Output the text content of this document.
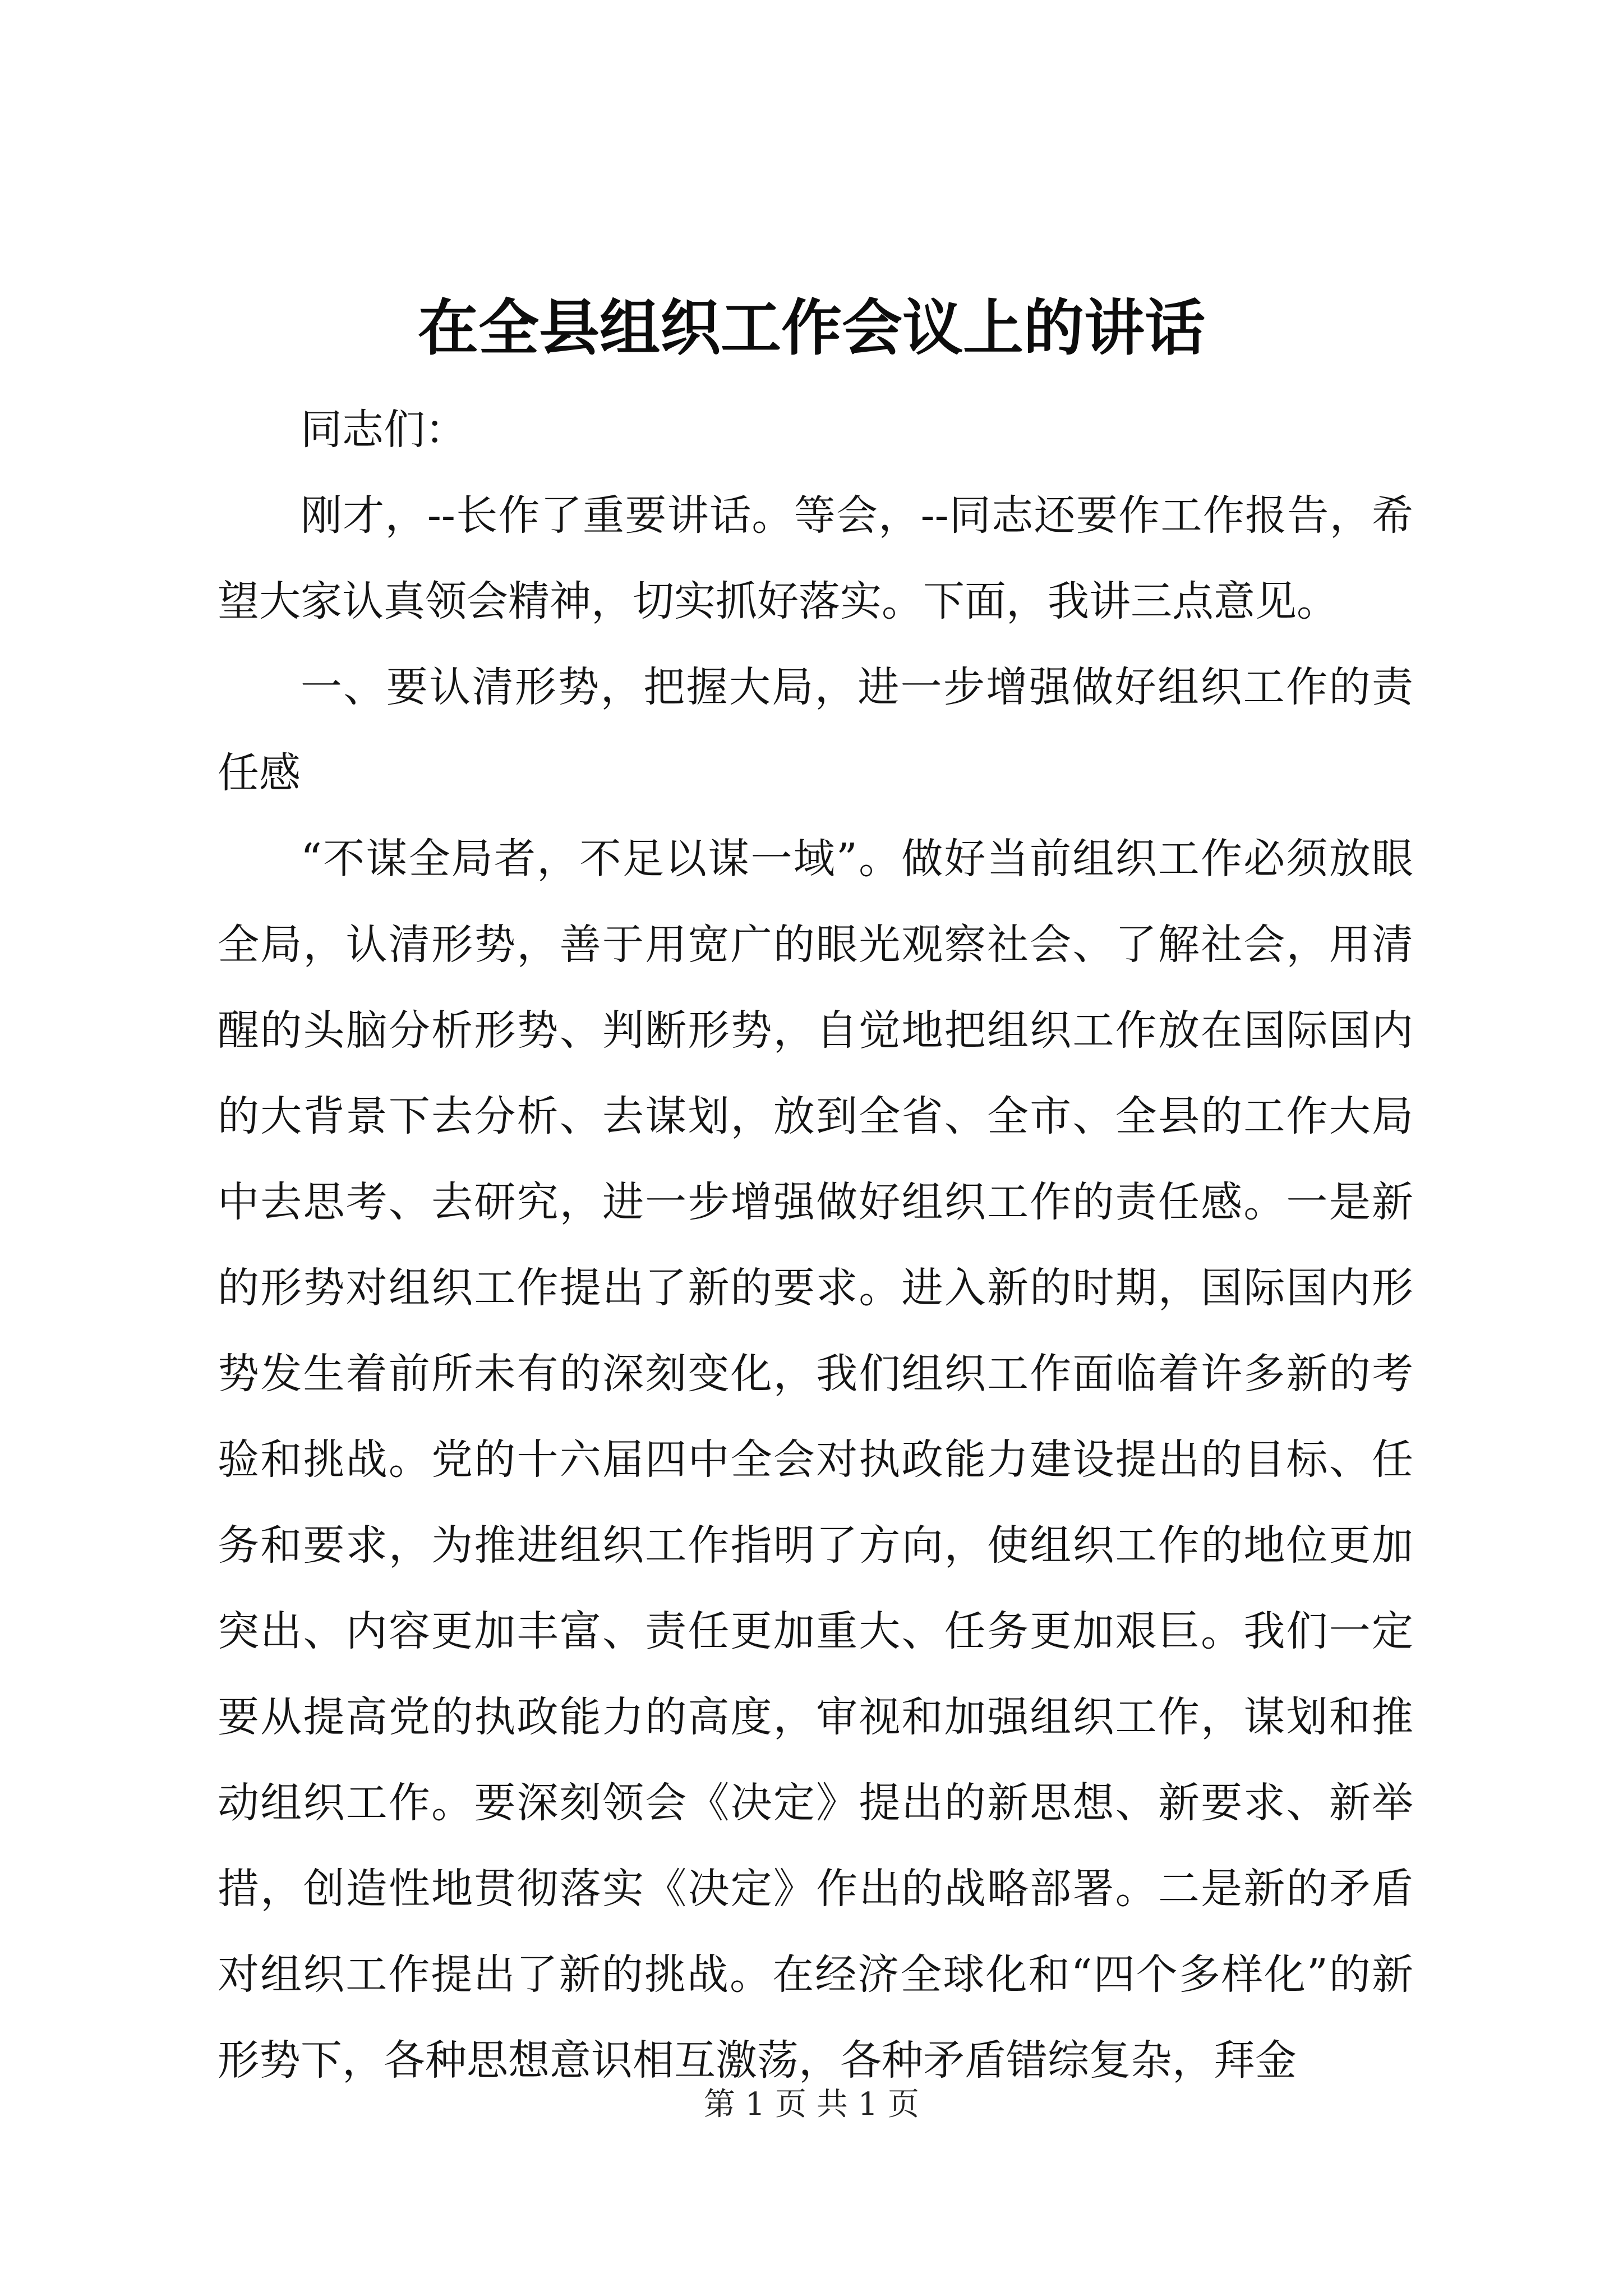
在全县组织工作会议上的讲话

同志们：

刚才，--长作了重要讲话。等会，--同志还要作工作报告，希望大家认真领会精神，切实抓好落实。下面，我讲三点意见。

一、要认清形势，把握大局，进一步增强做好组织工作的责任感

“不谋全局者，不足以谋一域”。做好当前组织工作必须放眼全局，认清形势，善于用宽广的眼光观察社会、了解社会，用清醒的头脑分析形势、判断形势，自觉地把组织工作放在国际国内的大背景下去分析、去谋划，放到全省、全市、全县的工作大局中去思考、去研究，进一步增强做好组织工作的责任感。一是新的形势对组织工作提出了新的要求。进入新的时期，国际国内形势发生着前所未有的深刻变化，我们组织工作面临着许多新的考验和挑战。党的十六届四中全会对执政能力建设提出的目标、任务和要求，为推进组织工作指明了方向，使组织工作的地位更加突出、内容更加丰富、责任更加重大、任务更加艰巨。我们一定要从提高党的执政能力的高度，审视和加强组织工作，谋划和推动组织工作。要深刻领会《决定》提出的新思想、新要求、新举措，创造性地贯彻落实《决定》作出的战略部署。二是新的矛盾对组织工作提出了新的挑战。在经济全球化和“四个多样化”的新形势下，各种思想意识相互激荡，各种矛盾错综复杂，拜金

第 1 页 共 1 页
